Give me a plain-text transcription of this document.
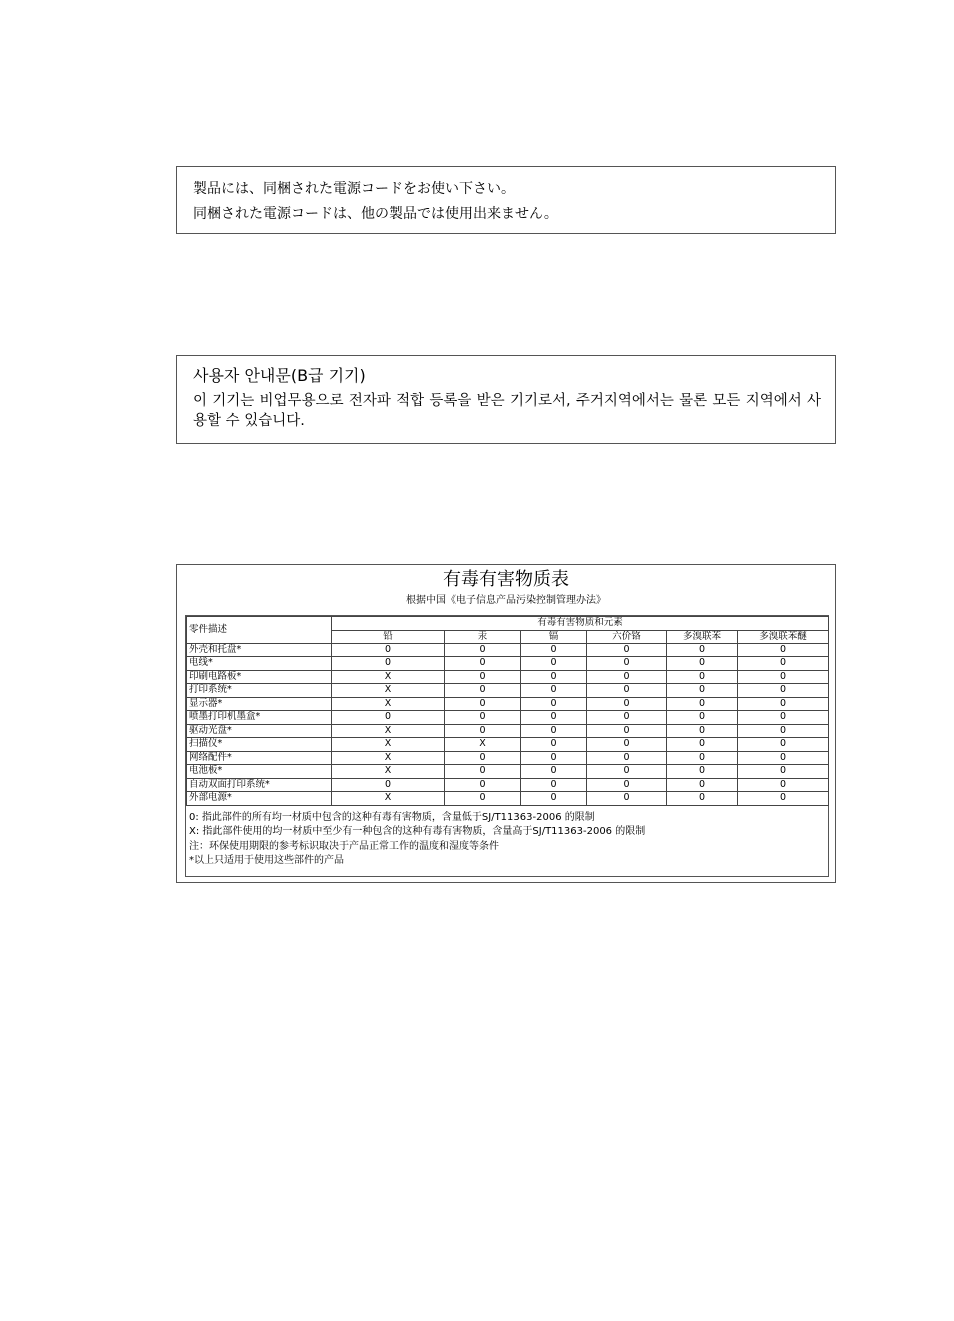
製品には、同梱された電源コードをお使い下さい。
同梱された電源コードは、他の製品では使用出来ません。
사용자 안내문(B급 기기)
이 기기는 비업무용으로 전자파 적합 등록을 받은 기기로서, 주거지역에서는 물론 모든 지역에서 사용할 수 있습니다.
有毒有害物质表
根据中国《电子信息产品污染控制管理办法》
零件描述	有毒有害物质和元素					
	铅	汞	镉	六价铬	多溴联苯	多溴联苯醚
外壳和托盘*	0	0	0	0	0	0
电线*	0	0	0	0	0	0
印刷电路板*	X	0	0	0	0	0
打印系统*	X	0	0	0	0	0
显示器*	X	0	0	0	0	0
喷墨打印机墨盒*	0	0	0	0	0	0
驱动光盘*	X	0	0	0	0	0
扫描仪*	X	X	0	0	0	0
网络配件*	X	0	0	0	0	0
电池板*	X	0	0	0	0	0
自动双面打印系统*	0	0	0	0	0	0
外部电源*	X	0	0	0	0	0
0: 指此部件的所有均一材质中包含的这种有毒有害物质，含量低于SJ/T11363-2006 的限制
X: 指此部件使用的均一材质中至少有一种包含的这种有毒有害物质，含量高于SJ/T11363-2006 的限制
注：环保使用期限的参考标识取决于产品正常工作的温度和湿度等条件
*以上只适用于使用这些部件的产品
